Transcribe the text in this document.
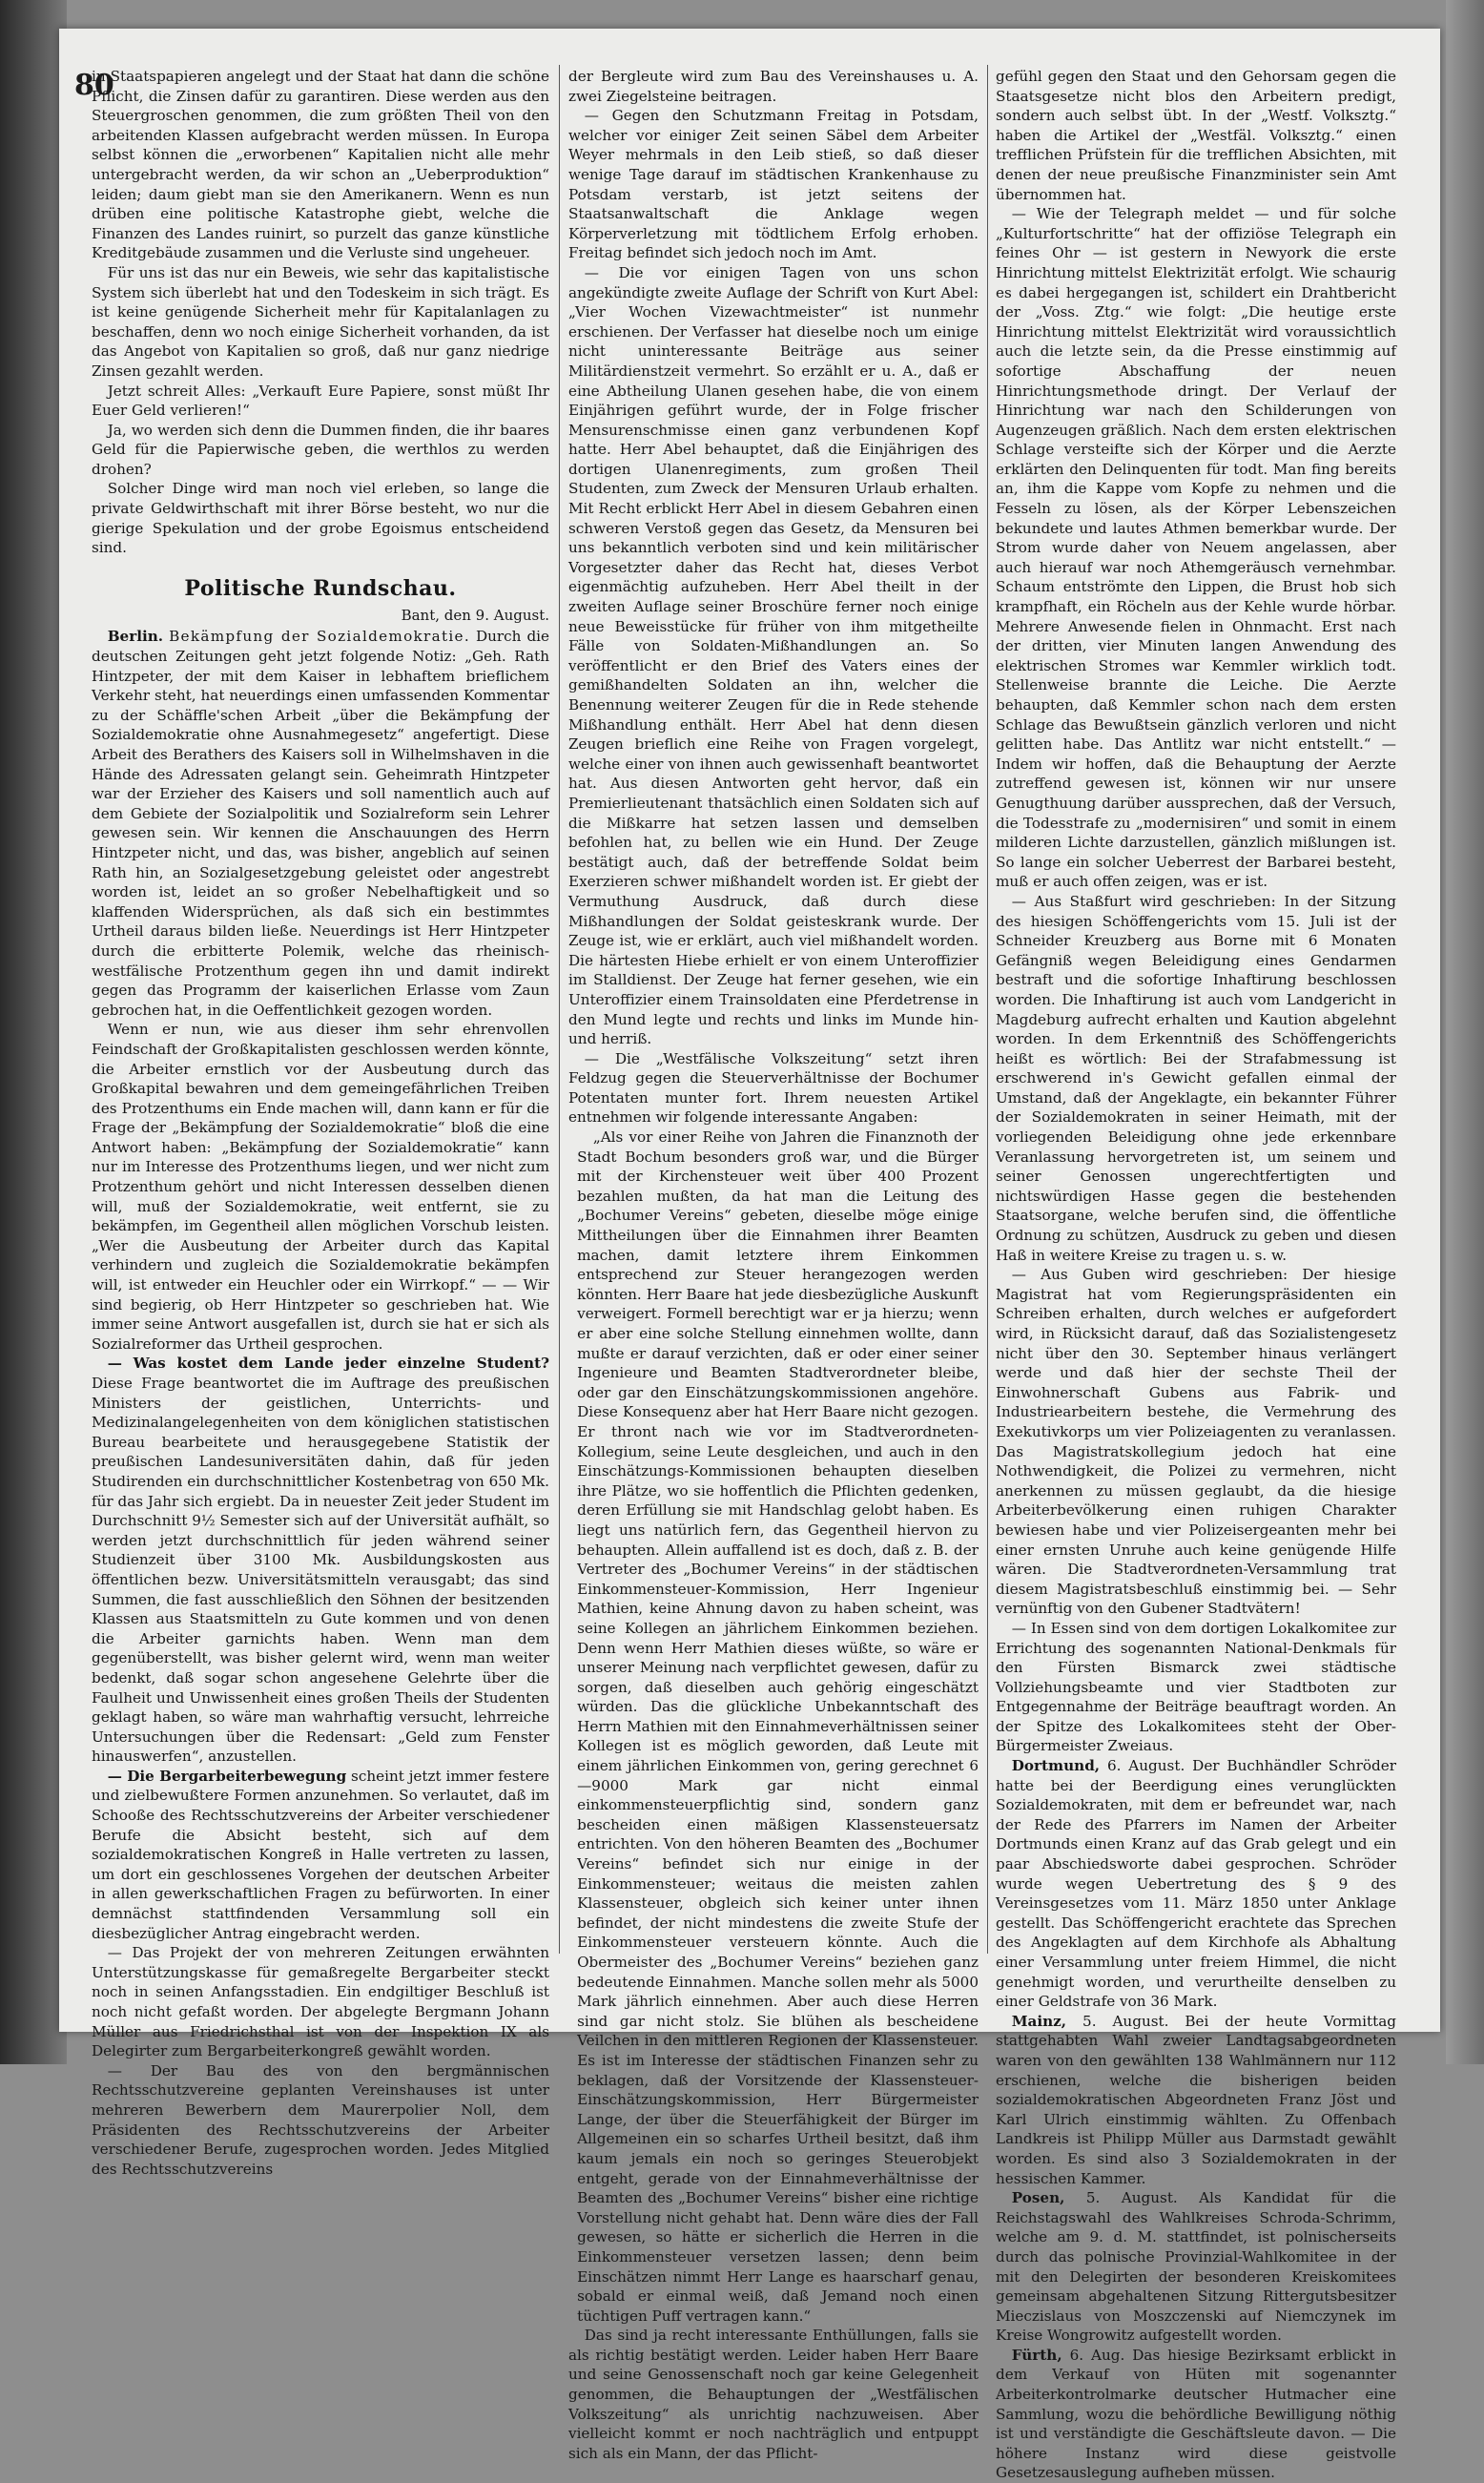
80

in Staatspapieren angelegt und der Staat hat dann die schöne Pflicht, die Zinsen dafür zu garantiren. Diese werden aus den Steuergroschen genommen, die zum größten Theil von den arbeitenden Klassen aufgebracht werden müssen. In Europa selbst können die „erworbenen“ Kapitalien nicht alle mehr untergebracht werden, da wir schon an „Ueberproduktion“ leiden; daum giebt man sie den Amerikanern. Wenn es nun drüben eine politische Katastrophe giebt, welche die Finanzen des Landes ruinirt, so purzelt das ganze künstliche Kreditgebäude zusammen und die Verluste sind ungeheuer.

Für uns ist das nur ein Beweis, wie sehr das kapitalistische System sich überlebt hat und den Todeskeim in sich trägt. Es ist keine genügende Sicherheit mehr für Kapitalanlagen zu beschaffen, denn wo noch einige Sicherheit vorhanden, da ist das Angebot von Kapitalien so groß, daß nur ganz niedrige Zinsen gezahlt werden.

Jetzt schreit Alles: „Verkauft Eure Papiere, sonst müßt Ihr Euer Geld verlieren!“

Ja, wo werden sich denn die Dummen finden, die ihr baares Geld für die Papierwische geben, die werthlos zu werden drohen?

Solcher Dinge wird man noch viel erleben, so lange die private Geldwirthschaft mit ihrer Börse besteht, wo nur die gierige Spekulation und der grobe Egoismus entscheidend sind.

Politische Rundschau.
Bant, den 9. August.

Berlin. Bekämpfung der Sozialdemokratie. Durch die deutschen Zeitungen geht jetzt folgende Notiz: „Geh. Rath Hintzpeter, der mit dem Kaiser in lebhaftem brieflichem Verkehr steht, hat neuerdings einen umfassenden Kommentar zu der Schäffle'schen Arbeit „über die Bekämpfung der Sozialdemokratie ohne Ausnahmegesetz“ angefertigt. Diese Arbeit des Berathers des Kaisers soll in Wilhelmshaven in die Hände des Adressaten gelangt sein. Geheimrath Hintzpeter war der Erzieher des Kaisers und soll namentlich auch auf dem Gebiete der Sozialpolitik und Sozialreform sein Lehrer gewesen sein. Wir kennen die Anschauungen des Herrn Hintzpeter nicht, und das, was bisher, angeblich auf seinen Rath hin, an Sozialgesetzgebung geleistet oder angestrebt worden ist, leidet an so großer Nebelhaftigkeit und so klaffenden Widersprüchen, als daß sich ein bestimmtes Urtheil daraus bilden ließe. Neuerdings ist Herr Hintzpeter durch die erbitterte Polemik, welche das rheinisch-westfälische Protzenthum gegen ihn und damit indirekt gegen das Programm der kaiserlichen Erlasse vom Zaun gebrochen hat, in die Oeffentlichkeit gezogen worden.

Wenn er nun, wie aus dieser ihm sehr ehrenvollen Feindschaft der Großkapitalisten geschlossen werden könnte, die Arbeiter ernstlich vor der Ausbeutung durch das Großkapital bewahren und dem gemeingefährlichen Treiben des Protzenthums ein Ende machen will, dann kann er für die Frage der „Bekämpfung der Sozialdemokratie“ bloß die eine Antwort haben: „Bekämpfung der Sozialdemokratie“ kann nur im Interesse des Protzenthums liegen, und wer nicht zum Protzenthum gehört und nicht Interessen desselben dienen will, muß der Sozialdemokratie, weit entfernt, sie zu bekämpfen, im Gegentheil allen möglichen Vorschub leisten. „Wer die Ausbeutung der Arbeiter durch das Kapital verhindern und zugleich die Sozialdemokratie bekämpfen will, ist entweder ein Heuchler oder ein Wirrkopf.“ — — Wir sind begierig, ob Herr Hintzpeter so geschrieben hat. Wie immer seine Antwort ausgefallen ist, durch sie hat er sich als Sozialreformer das Urtheil gesprochen.

— Was kostet dem Lande jeder einzelne Student? Diese Frage beantwortet die im Auftrage des preußischen Ministers der geistlichen, Unterrichts- und Medizinalangelegenheiten von dem königlichen statistischen Bureau bearbeitete und herausgegebene Statistik der preußischen Landesuniversitäten dahin, daß für jeden Studirenden ein durchschnittlicher Kostenbetrag von 650 Mk. für das Jahr sich ergiebt. Da in neuester Zeit jeder Student im Durchschnitt 9½ Semester sich auf der Universität aufhält, so werden jetzt durchschnittlich für jeden während seiner Studienzeit über 3100 Mk. Ausbildungskosten aus öffentlichen bezw. Universitätsmitteln verausgabt; das sind Summen, die fast ausschließlich den Söhnen der besitzenden Klassen aus Staatsmitteln zu Gute kommen und von denen die Arbeiter garnichts haben. Wenn man dem gegenüberstellt, was bisher gelernt wird, wenn man weiter bedenkt, daß sogar schon angesehene Gelehrte über die Faulheit und Unwissenheit eines großen Theils der Studenten geklagt haben, so wäre man wahrhaftig versucht, lehrreiche Untersuchungen über die Redensart: „Geld zum Fenster hinauswerfen“, anzustellen.

— Die Bergarbeiterbewegung scheint jetzt immer festere und zielbewußtere Formen anzunehmen. So verlautet, daß im Schooße des Rechtsschutzvereins der Arbeiter verschiedener Berufe die Absicht besteht, sich auf dem sozialdemokratischen Kongreß in Halle vertreten zu lassen, um dort ein geschlossenes Vorgehen der deutschen Arbeiter in allen gewerkschaftlichen Fragen zu befürworten. In einer demnächst stattfindenden Versammlung soll ein diesbezüglicher Antrag eingebracht werden.

— Das Projekt der von mehreren Zeitungen erwähnten Unterstützungskasse für gemaßregelte Bergarbeiter steckt noch in seinen Anfangsstadien. Ein endgiltiger Beschluß ist noch nicht gefaßt worden. Der abgelegte Bergmann Johann Müller aus Friedrichsthal ist von der Inspektion IX als Delegirter zum Bergarbeiterkongreß gewählt worden.

— Der Bau des von den bergmännischen Rechtsschutzvereine geplanten Vereinshauses ist unter mehreren Bewerbern dem Maurerpolier Noll, dem Präsidenten des Rechtsschutzvereins der Arbeiter verschiedener Berufe, zugesprochen worden. Jedes Mitglied des Rechtsschutzvereins

der Bergleute wird zum Bau des Vereinshauses u. A. zwei Ziegelsteine beitragen.

— Gegen den Schutzmann Freitag in Potsdam, welcher vor einiger Zeit seinen Säbel dem Arbeiter Weyer mehrmals in den Leib stieß, so daß dieser wenige Tage darauf im städtischen Krankenhause zu Potsdam verstarb, ist jetzt seitens der Staatsanwaltschaft die Anklage wegen Körperverletzung mit tödtlichem Erfolg erhoben. Freitag befindet sich jedoch noch im Amt.

— Die vor einigen Tagen von uns schon angekündigte zweite Auflage der Schrift von Kurt Abel: „Vier Wochen Vizewachtmeister“ ist nunmehr erschienen. Der Verfasser hat dieselbe noch um einige nicht uninteressante Beiträge aus seiner Militärdienstzeit vermehrt. So erzählt er u. A., daß er eine Abtheilung Ulanen gesehen habe, die von einem Einjährigen geführt wurde, der in Folge frischer Mensurenschmisse einen ganz verbundenen Kopf hatte. Herr Abel behauptet, daß die Einjährigen des dortigen Ulanenregiments, zum großen Theil Studenten, zum Zweck der Mensuren Urlaub erhalten. Mit Recht erblickt Herr Abel in diesem Gebahren einen schweren Verstoß gegen das Gesetz, da Mensuren bei uns bekanntlich verboten sind und kein militärischer Vorgesetzter daher das Recht hat, dieses Verbot eigenmächtig aufzuheben. Herr Abel theilt in der zweiten Auflage seiner Broschüre ferner noch einige neue Beweisstücke für früher von ihm mitgetheilte Fälle von Soldaten-Mißhandlungen an. So veröffentlicht er den Brief des Vaters eines der gemißhandelten Soldaten an ihn, welcher die Benennung weiterer Zeugen für die in Rede stehende Mißhandlung enthält. Herr Abel hat denn diesen Zeugen brieflich eine Reihe von Fragen vorgelegt, welche einer von ihnen auch gewissenhaft beantwortet hat. Aus diesen Antworten geht hervor, daß ein Premierlieutenant thatsächlich einen Soldaten sich auf die Mißkarre hat setzen lassen und demselben befohlen hat, zu bellen wie ein Hund. Der Zeuge bestätigt auch, daß der betreffende Soldat beim Exerzieren schwer mißhandelt worden ist. Er giebt der Vermuthung Ausdruck, daß durch diese Mißhandlungen der Soldat geisteskrank wurde. Der Zeuge ist, wie er erklärt, auch viel mißhandelt worden. Die härtesten Hiebe erhielt er von einem Unteroffizier im Stalldienst. Der Zeuge hat ferner gesehen, wie ein Unteroffizier einem Trainsoldaten eine Pferdetrense in den Mund legte und rechts und links im Munde hin- und herriß.

— Die „Westfälische Volkszeitung“ setzt ihren Feldzug gegen die Steuerverhältnisse der Bochumer Potentaten munter fort. Ihrem neuesten Artikel entnehmen wir folgende interessante Angaben:

„Als vor einer Reihe von Jahren die Finanznoth der Stadt Bochum besonders groß war, und die Bürger mit der Kirchensteuer weit über 400 Prozent bezahlen mußten, da hat man die Leitung des „Bochumer Vereins“ gebeten, dieselbe möge einige Mittheilungen über die Einnahmen ihrer Beamten machen, damit letztere ihrem Einkommen entsprechend zur Steuer herangezogen werden könnten. Herr Baare hat jede diesbezügliche Auskunft verweigert. Formell berechtigt war er ja hierzu; wenn er aber eine solche Stellung einnehmen wollte, dann mußte er darauf verzichten, daß er oder einer seiner Ingenieure und Beamten Stadtverordneter bleibe, oder gar den Einschätzungskommissionen angehöre. Diese Konsequenz aber hat Herr Baare nicht gezogen. Er thront nach wie vor im Stadtverordneten-Kollegium, seine Leute desgleichen, und auch in den Einschätzungs-Kommissionen behaupten dieselben ihre Plätze, wo sie hoffentlich die Pflichten gedenken, deren Erfüllung sie mit Handschlag gelobt haben. Es liegt uns natürlich fern, das Gegentheil hiervon zu behaupten. Allein auffallend ist es doch, daß z. B. der Vertreter des „Bochumer Vereins“ in der städtischen Einkommensteuer-Kommission, Herr Ingenieur Mathien, keine Ahnung davon zu haben scheint, was seine Kollegen an jährlichem Einkommen beziehen. Denn wenn Herr Mathien dieses wüßte, so wäre er unserer Meinung nach verpflichtet gewesen, dafür zu sorgen, daß dieselben auch gehörig eingeschätzt würden. Das die glückliche Unbekanntschaft des Herrn Mathien mit den Einnahmeverhältnissen seiner Kollegen ist es möglich geworden, daß Leute mit einem jährlichen Einkommen von, gering gerechnet 6—9000 Mark gar nicht einmal einkommensteuerpflichtig sind, sondern ganz bescheiden einen mäßigen Klassensteuersatz entrichten. Von den höheren Beamten des „Bochumer Vereins“ befindet sich nur einige in der Einkommensteuer; weitaus die meisten zahlen Klassensteuer, obgleich sich keiner unter ihnen befindet, der nicht mindestens die zweite Stufe der Einkommensteuer versteuern könnte. Auch die Obermeister des „Bochumer Vereins“ beziehen ganz bedeutende Einnahmen. Manche sollen mehr als 5000 Mark jährlich einnehmen. Aber auch diese Herren sind gar nicht stolz. Sie blühen als bescheidene Veilchen in den mittleren Regionen der Klassensteuer. Es ist im Interesse der städtischen Finanzen sehr zu beklagen, daß der Vorsitzende der Klassensteuer-Einschätzungskommission, Herr Bürgermeister Lange, der über die Steuerfähigkeit der Bürger im Allgemeinen ein so scharfes Urtheil besitzt, daß ihm kaum jemals ein noch so geringes Steuerobjekt entgeht, gerade von der Einnahmeverhältnisse der Beamten des „Bochumer Vereins“ bisher eine richtige Vorstellung nicht gehabt hat. Denn wäre dies der Fall gewesen, so hätte er sicherlich die Herren in die Einkommensteuer versetzen lassen; denn beim Einschätzen nimmt Herr Lange es haarscharf genau, sobald er einmal weiß, daß Jemand noch einen tüchtigen Puff vertragen kann.“

Das sind ja recht interessante Enthüllungen, falls sie als richtig bestätigt werden. Leider haben Herr Baare und seine Genossenschaft noch gar keine Gelegenheit genommen, die Behauptungen der „Westfälischen Volkszeitung“ als unrichtig nachzuweisen. Aber vielleicht kommt er noch nachträglich und entpuppt sich als ein Mann, der das Pflicht-

gefühl gegen den Staat und den Gehorsam gegen die Staatsgesetze nicht blos den Arbeitern predigt, sondern auch selbst übt. In der „Westf. Volksztg.“ haben die Artikel der „Westfäl. Volksztg.“ einen trefflichen Prüfstein für die trefflichen Absichten, mit denen der neue preußische Finanzminister sein Amt übernommen hat.

— Wie der Telegraph meldet — und für solche „Kulturfortschritte“ hat der offiziöse Telegraph ein feines Ohr — ist gestern in Newyork die erste Hinrichtung mittelst Elektrizität erfolgt. Wie schaurig es dabei hergegangen ist, schildert ein Drahtbericht der „Voss. Ztg.“ wie folgt: „Die heutige erste Hinrichtung mittelst Elektrizität wird voraussichtlich auch die letzte sein, da die Presse einstimmig auf sofortige Abschaffung der neuen Hinrichtungsmethode dringt. Der Verlauf der Hinrichtung war nach den Schilderungen von Augenzeugen gräßlich. Nach dem ersten elektrischen Schlage versteifte sich der Körper und die Aerzte erklärten den Delinquenten für todt. Man fing bereits an, ihm die Kappe vom Kopfe zu nehmen und die Fesseln zu lösen, als der Körper Lebenszeichen bekundete und lautes Athmen bemerkbar wurde. Der Strom wurde daher von Neuem angelassen, aber auch hierauf war noch Athemgeräusch vernehmbar. Schaum entströmte den Lippen, die Brust hob sich krampfhaft, ein Röcheln aus der Kehle wurde hörbar. Mehrere Anwesende fielen in Ohnmacht. Erst nach der dritten, vier Minuten langen Anwendung des elektrischen Stromes war Kemmler wirklich todt. Stellenweise brannte die Leiche. Die Aerzte behaupten, daß Kemmler schon nach dem ersten Schlage das Bewußtsein gänzlich verloren und nicht gelitten habe. Das Antlitz war nicht entstellt.“ — Indem wir hoffen, daß die Behauptung der Aerzte zutreffend gewesen ist, können wir nur unsere Genugthuung darüber aussprechen, daß der Versuch, die Todesstrafe zu „modernisiren“ und somit in einem milderen Lichte darzustellen, gänzlich mißlungen ist. So lange ein solcher Ueberrest der Barbarei besteht, muß er auch offen zeigen, was er ist.

— Aus Staßfurt wird geschrieben: In der Sitzung des hiesigen Schöffengerichts vom 15. Juli ist der Schneider Kreuzberg aus Borne mit 6 Monaten Gefängniß wegen Beleidigung eines Gendarmen bestraft und die sofortige Inhaftirung beschlossen worden. Die Inhaftirung ist auch vom Landgericht in Magdeburg aufrecht erhalten und Kaution abgelehnt worden. In dem Erkenntniß des Schöffengerichts heißt es wörtlich: Bei der Strafabmessung ist erschwerend in's Gewicht gefallen einmal der Umstand, daß der Angeklagte, ein bekannter Führer der Sozialdemokraten in seiner Heimath, mit der vorliegenden Beleidigung ohne jede erkennbare Veranlassung hervorgetreten ist, um seinem und seiner Genossen ungerechtfertigten und nichtswürdigen Hasse gegen die bestehenden Staatsorgane, welche berufen sind, die öffentliche Ordnung zu schützen, Ausdruck zu geben und diesen Haß in weitere Kreise zu tragen u. s. w.

— Aus Guben wird geschrieben: Der hiesige Magistrat hat vom Regierungspräsidenten ein Schreiben erhalten, durch welches er aufgefordert wird, in Rücksicht darauf, daß das Sozialistengesetz nicht über den 30. September hinaus verlängert werde und daß hier der sechste Theil der Einwohnerschaft Gubens aus Fabrik- und Industriearbeitern bestehe, die Vermehrung des Exekutivkorps um vier Polizeiagenten zu veranlassen. Das Magistratskollegium jedoch hat eine Nothwendigkeit, die Polizei zu vermehren, nicht anerkennen zu müssen geglaubt, da die hiesige Arbeiterbevölkerung einen ruhigen Charakter bewiesen habe und vier Polizeisergeanten mehr bei einer ernsten Unruhe auch keine genügende Hilfe wären. Die Stadtverordneten-Versammlung trat diesem Magistratsbeschluß einstimmig bei. — Sehr vernünftig von den Gubener Stadtvätern!

— In Essen sind von dem dortigen Lokalkomitee zur Errichtung des sogenannten National-Denkmals für den Fürsten Bismarck zwei städtische Vollziehungsbeamte und vier Stadtboten zur Entgegennahme der Beiträge beauftragt worden. An der Spitze des Lokalkomitees steht der Ober-Bürgermeister Zweiaus.

Dortmund, 6. August. Der Buchhändler Schröder hatte bei der Beerdigung eines verunglückten Sozialdemokraten, mit dem er befreundet war, nach der Rede des Pfarrers im Namen der Arbeiter Dortmunds einen Kranz auf das Grab gelegt und ein paar Abschiedsworte dabei gesprochen. Schröder wurde wegen Uebertretung des § 9 des Vereinsgesetzes vom 11. März 1850 unter Anklage gestellt. Das Schöffengericht erachtete das Sprechen des Angeklagten auf dem Kirchhofe als Abhaltung einer Versammlung unter freiem Himmel, die nicht genehmigt worden, und verurtheilte denselben zu einer Geldstrafe von 36 Mark.

Mainz, 5. August. Bei der heute Vormittag stattgehabten Wahl zweier Landtagsabgeordneten waren von den gewählten 138 Wahlmännern nur 112 erschienen, welche die bisherigen beiden sozialdemokratischen Abgeordneten Franz Jöst und Karl Ulrich einstimmig wählten. Zu Offenbach Landkreis ist Philipp Müller aus Darmstadt gewählt worden. Es sind also 3 Sozialdemokraten in der hessischen Kammer.

Posen, 5. August. Als Kandidat für die Reichstagswahl des Wahlkreises Schroda-Schrimm, welche am 9. d. M. stattfindet, ist polnischerseits durch das polnische Provinzial-Wahlkomitee in der mit den Delegirten der besonderen Kreiskomitees gemeinsam abgehaltenen Sitzung Rittergutsbesitzer Mieczislaus von Moszczenski auf Niemczynek im Kreise Wongrowitz aufgestellt worden.

Fürth, 6. Aug. Das hiesige Bezirksamt erblickt in dem Verkauf von Hüten mit sogenannter Arbeiterkontrolmarke deutscher Hutmacher eine Sammlung, wozu die behördliche Bewilligung nöthig ist und verständigte die Geschäftsleute davon. — Die höhere Instanz wird diese geistvolle Gesetzesauslegung aufheben müssen.
